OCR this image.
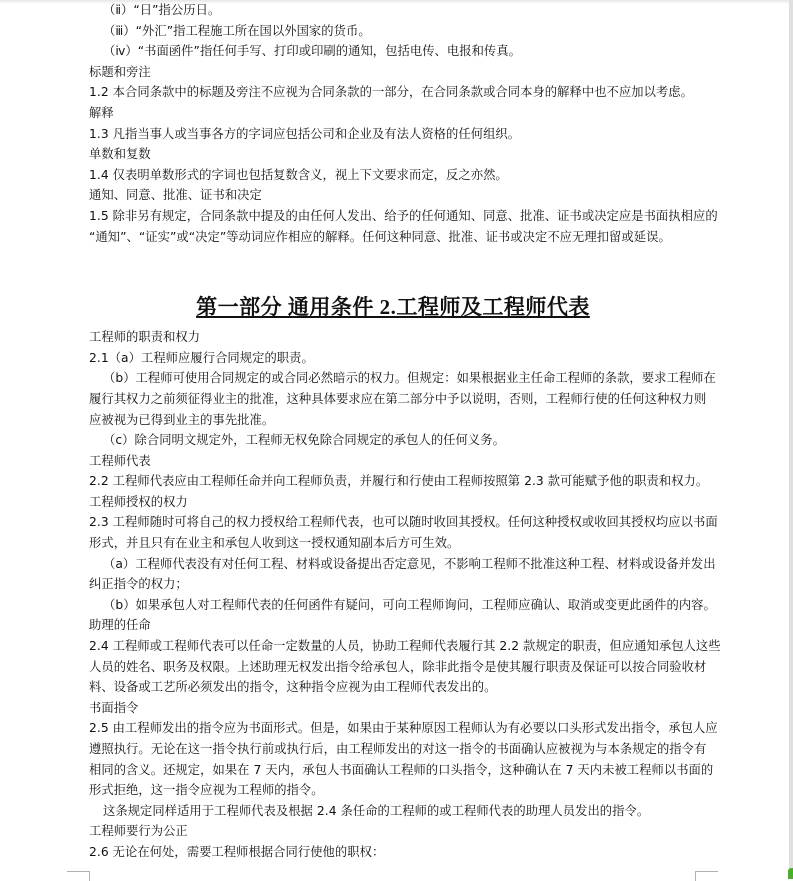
（ⅱ）“日”指公历日。
（ⅲ）“外汇”指工程施工所在国以外国家的货币。
（ⅳ）“书面函件”指任何手写、打印或印刷的通知，包括电传、电报和传真。
标题和旁注
1.2 本合同条款中的标题及旁注不应视为合同条款的一部分，在合同条款或合同本身的解释中也不应加以考虑。
解释
1.3 凡指当事人或当事各方的字词应包括公司和企业及有法人资格的任何组织。
单数和复数
1.4 仅表明单数形式的字词也包括复数含义，视上下文要求而定，反之亦然。
通知、同意、批准、证书和决定
1.5 除非另有规定，合同条款中提及的由任何人发出、给予的任何通知、同意、批准、证书或决定应是书面执相应的
“通知”、“证实”或“决定”等动词应作相应的解释。任何这种同意、批准、证书或决定不应无理扣留或延误。
第一部分 通用条件 2.工程师及工程师代表
工程师的职责和权力
2.1（a）工程师应履行合同规定的职责。
（b）工程师可使用合同规定的或合同必然暗示的权力。但规定：如果根据业主任命工程师的条款，要求工程师在
履行其权力之前须征得业主的批准，这种具体要求应在第二部分中予以说明，否则，工程师行使的任何这种权力则
应被视为已得到业主的事先批准。
（c）除合同明文规定外，工程师无权免除合同规定的承包人的任何义务。
工程师代表
2.2 工程师代表应由工程师任命并向工程师负责，并履行和行使由工程师按照第 2.3 款可能赋予他的职责和权力。
工程师授权的权力
2.3 工程师随时可将自己的权力授权给工程师代表，也可以随时收回其授权。任何这种授权或收回其授权均应以书面
形式，并且只有在业主和承包人收到这一授权通知副本后方可生效。
（a）工程师代表没有对任何工程、材料或设备提出否定意见，不影响工程师不批准这种工程、材料或设备并发出
纠正指令的权力；
（b）如果承包人对工程师代表的任何函件有疑问，可向工程师询问，工程师应确认、取消或变更此函件的内容。
助理的任命
2.4 工程师或工程师代表可以任命一定数量的人员，协助工程师代表履行其 2.2 款规定的职责，但应通知承包人这些
人员的姓名、职务及权限。上述助理无权发出指令给承包人，除非此指令是使其履行职责及保证可以按合同验收材
料、设备或工艺所必须发出的指令，这种指令应视为由工程师代表发出的。
书面指令
2.5 由工程师发出的指令应为书面形式。但是，如果由于某种原因工程师认为有必要以口头形式发出指令，承包人应
遵照执行。无论在这一指令执行前或执行后，由工程师发出的对这一指令的书面确认应被视为与本条规定的指令有
相同的含义。还规定，如果在 7 天内，承包人书面确认工程师的口头指令，这种确认在 7 天内未被工程师以书面的
形式拒绝，这一指令应视为工程师的指令。
这条规定同样适用于工程师代表及根据 2.4 条任命的工程师的或工程师代表的助理人员发出的指令。
工程师要行为公正
2.6 无论在何处，需要工程师根据合同行使他的职权：
